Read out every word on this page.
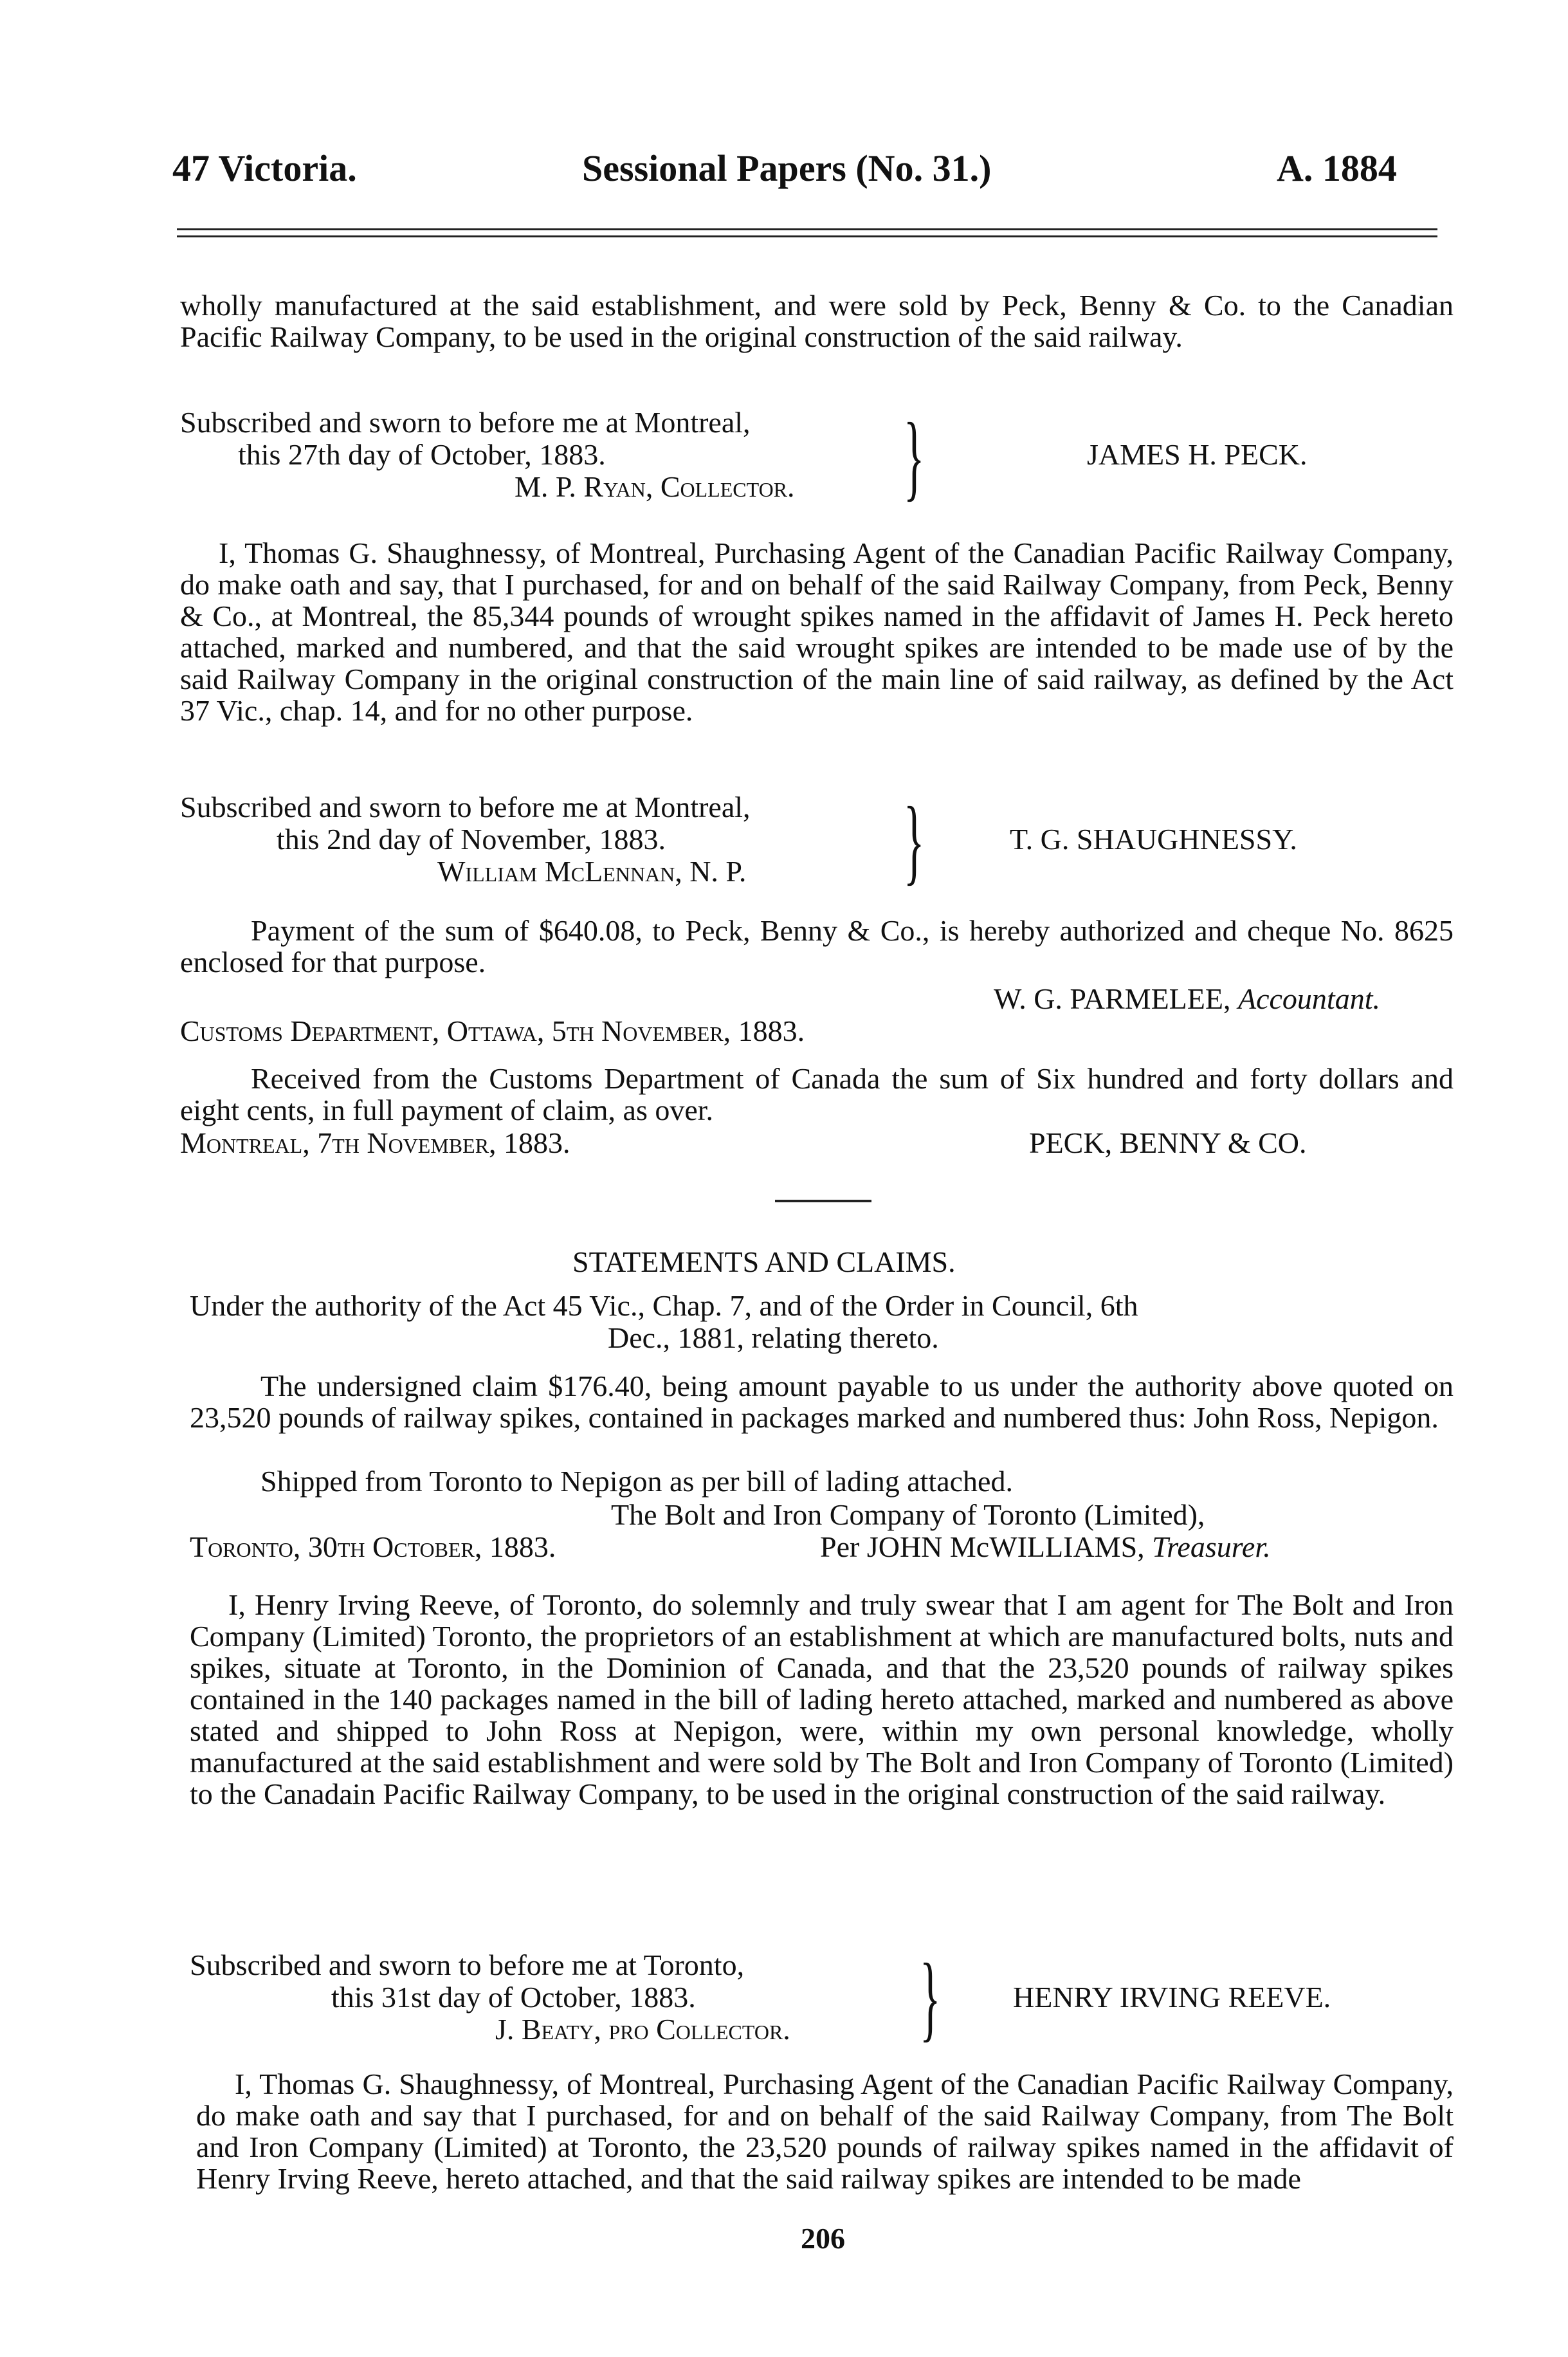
47 Victoria.	Sessional Papers (No. 31.)	A. 1884

wholly manufactured at the said establishment, and were sold by Peck, Benny & Co. to the Canadian Pacific Railway Company, to be used in the original construction of the said railway.

Subscribed and sworn to before me at Montreal,
this 27th day of October, 1883.
M. P. Ryan, Collector. }	JAMES H. PECK.

I, Thomas G. Shaughnessy, of Montreal, Purchasing Agent of the Canadian Pacific Railway Company, do make oath and say, that I purchased, for and on behalf of the said Railway Company, from Peck, Benny & Co., at Montreal, the 85,344 pounds of wrought spikes named in the affidavit of James H. Peck hereto attached, marked and numbered, and that the said wrought spikes are intended to be made use of by the said Railway Company in the original construction of the main line of said railway, as defined by the Act 37 Vic., chap. 14, and for no other purpose.

Subscribed and sworn to before me at Montreal,
this 2nd day of November, 1883.
William McLennan, N. P. }	T. G. SHAUGHNESSY.

Payment of the sum of $640.08, to Peck, Benny & Co., is hereby authorized and cheque No. 8625 enclosed for that purpose.

W. G. PARMELEE, Accountant.
Customs Department, Ottawa, 5th November, 1883.

Received from the Customs Department of Canada the sum of Six hundred and forty dollars and eight cents, in full payment of claim, as over.

Montreal, 7th November, 1883.	PECK, BENNY & CO.
STATEMENTS AND CLAIMS.
Under the authority of the Act 45 Vic., Chap. 7, and of the Order in Council, 6th
Dec., 1881, relating thereto.

The undersigned claim $176.40, being amount payable to us under the authority above quoted on 23,520 pounds of railway spikes, contained in packages marked and numbered thus: John Ross, Nepigon.

Shipped from Toronto to Nepigon as per bill of lading attached.
The Bolt and Iron Company of Toronto (Limited),
Toronto, 30th October, 1883.	Per JOHN McWILLIAMS, Treasurer.

I, Henry Irving Reeve, of Toronto, do solemnly and truly swear that I am agent for The Bolt and Iron Company (Limited) Toronto, the proprietors of an establishment at which are manufactured bolts, nuts and spikes, situate at Toronto, in the Dominion of Canada, and that the 23,520 pounds of railway spikes contained in the 140 packages named in the bill of lading hereto attached, marked and numbered as above stated and shipped to John Ross at Nepigon, were, within my own personal knowledge, wholly manufactured at the said establishment and were sold by The Bolt and Iron Company of Toronto (Limited) to the Canadain Pacific Railway Company, to be used in the original construction of the said railway.

Subscribed and sworn to before me at Toronto,
this 31st day of October, 1883.
J. Beaty, pro Collector. } HENRY IRVING REEVE.

I, Thomas G. Shaughnessy, of Montreal, Purchasing Agent of the Canadian Pacific Railway Company, do make oath and say that I purchased, for and on behalf of the said Railway Company, from The Bolt and Iron Company (Limited) at Toronto, the 23,520 pounds of railway spikes named in the affidavit of Henry Irving Reeve, hereto attached, and that the said railway spikes are intended to be made

206
